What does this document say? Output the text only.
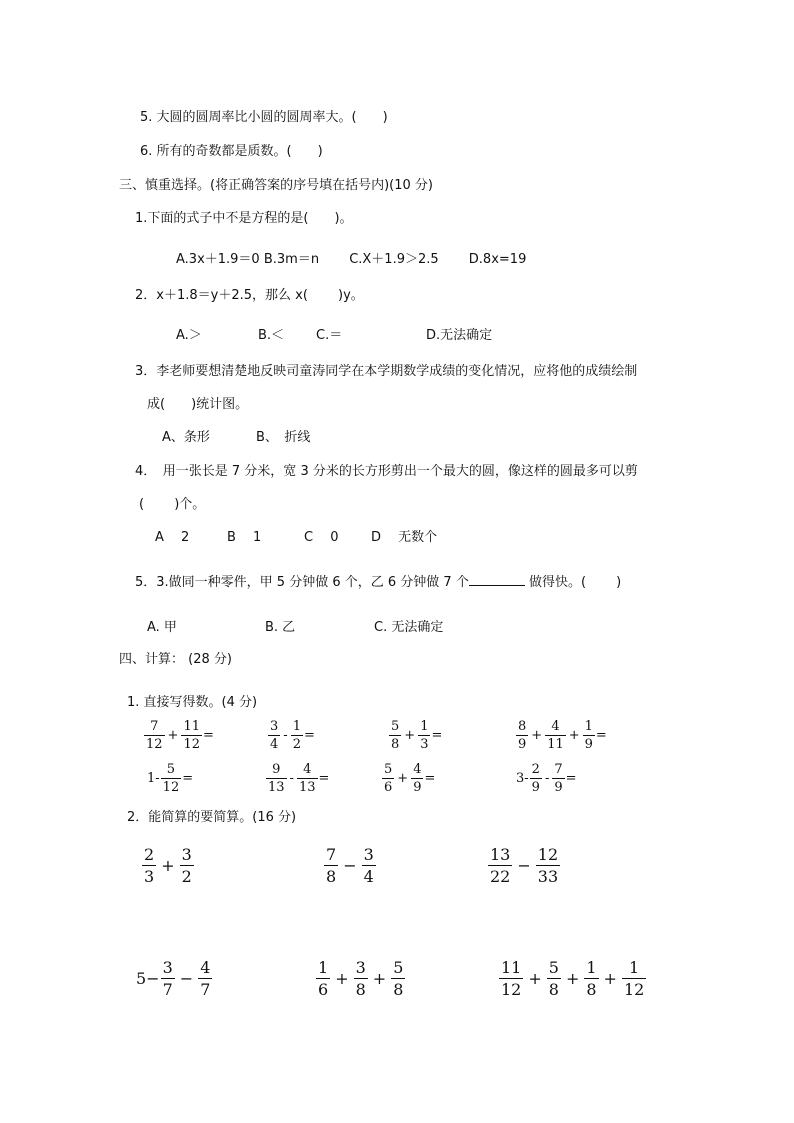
5. 大圆的圆周率比小圆的圆周率大。(　　)
6. 所有的奇数都是质数。(　　)
三、慎重选择。(将正确答案的序号填在括号内)(10 分)
1.下面的式子中不是方程的是(　　)。
A.3x＋1.9＝0 B.3m＝n　　 C.X＋1.9＞2.5　　 D.8x=19
2．x＋1.8＝y＋2.5，那么 x(　　 )y。
A.＞	B.＜ C.＝	D.无法确定
3．李老师要想清楚地反映司童涛同学在本学期数学成绩的变化情况，应将他的成绩绘制
成(　　)统计图。
A、条形	B、　折线
4．　用一张长是 7 分米，宽 3 分米的长方形剪出一个最大的圆，像这样的圆最多可以剪
(　　 )个。
A　 2	B　 1	C　 0	D　 无数个
5．3.做同一种零件，甲 5 分钟做 6 个，乙 6 分钟做 7 个	做得快。(　　 )
A. 甲	B. 乙	C. 无法确定
四、计算： (28 分)
1. 直接写得数。(4 分)
$\frac{7}{12} + \frac{11}{12}$ =	$\frac{3}{4} - \frac{1}{2}$ =	$\frac{5}{8} + \frac{1}{3}$ =	$\frac{8}{9} + \frac{4}{11} + \frac{1}{9}$ =
$1- \frac{5}{12}$ =	$\frac{9}{13} - \frac{4}{13}$ =	$\frac{5}{6} + \frac{4}{9}$ =	$3- \frac{2}{9} - \frac{7}{9}$ =
2．能简算的要简算。(16 分)
$\frac{2}{3} + \frac{3}{2}$	$\frac{7}{8} - \frac{3}{4}$	$\frac{13}{22} - \frac{12}{33}$
$5- \frac{3}{7} - \frac{4}{7}$	$\frac{1}{6} + \frac{3}{8} + \frac{5}{8}$	$\frac{11}{12} + \frac{5}{8} + \frac{1}{8} + \frac{1}{12}$
